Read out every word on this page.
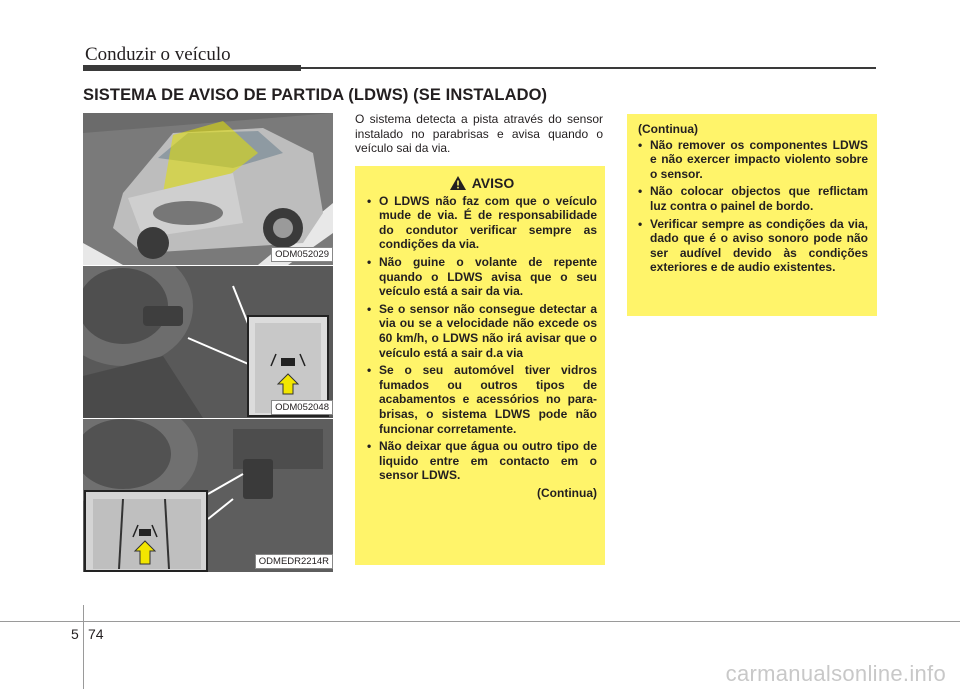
Conduzir o veículo
SISTEMA DE AVISO DE PARTIDA (LDWS) (SE INSTALADO)
ODM052029
ODM052048
ODMEDR2214R
O sistema detecta a pista através do sensor instalado no parabrisas e avisa quando o veículo sai da via.
AVISO
• O LDWS não faz com que o veículo mude de via. É de responsabilidade do condutor verificar sempre as condições da via.
• Não guine o volante de repente quando o LDWS avisa que o seu veículo está a sair da via.
• Se o sensor não consegue detectar a via ou se a velocidade não excede os 60 km/h, o LDWS não irá avisar que o veículo está a sair d.a via
• Se o seu automóvel tiver vidros fumados ou outros tipos de acabamentos e acessórios no para-brisas, o sistema LDWS pode não funcionar corretamente.
• Não deixar que água ou outro tipo de liquido entre em contacto em o sensor LDWS.
(Continua)
(Continua)
• Não remover os componentes LDWS e não exercer impacto violento sobre o sensor.
• Não colocar objectos que reflictam luz contra o painel de bordo.
• Verificar sempre as condições da via, dado que é o aviso sonoro pode não ser audível devido às condições exteriores e de audio existentes.
5 74
carmanualsonline.info
